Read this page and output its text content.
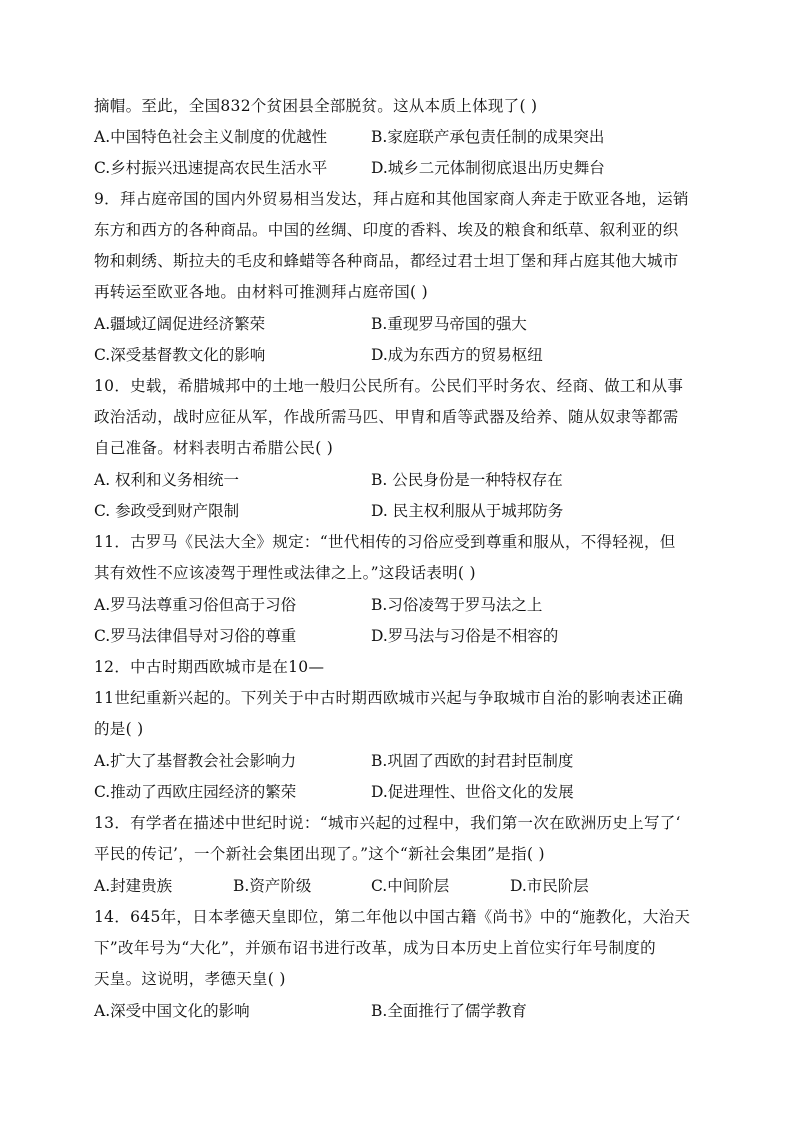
摘帽。至此，全国832个贫困县全部脱贫。这从本质上体现了( )
A.中国特色社会主义制度的优越性	B.家庭联产承包责任制的成果突出
C.乡村振兴迅速提高农民生活水平	D.城乡二元体制彻底退出历史舞台
9．拜占庭帝国的国内外贸易相当发达，拜占庭和其他国家商人奔走于欧亚各地，运销
东方和西方的各种商品。中国的丝绸、印度的香料、埃及的粮食和纸草、叙利亚的织
物和刺绣、斯拉夫的毛皮和蜂蜡等各种商品，都经过君士坦丁堡和拜占庭其他大城市
再转运至欧亚各地。由材料可推测拜占庭帝国( )
A.疆域辽阔促进经济繁荣	B.重现罗马帝国的强大
C.深受基督教文化的影响	D.成为东西方的贸易枢纽
10．史载，希腊城邦中的土地一般归公民所有。公民们平时务农、经商、做工和从事
政治活动，战时应征从军，作战所需马匹、甲胄和盾等武器及给养、随从奴隶等都需
自己准备。材料表明古希腊公民( )
A. 权利和义务相统一	B. 公民身份是一种特权存在
C. 参政受到财产限制	D. 民主权利服从于城邦防务
11．古罗马《民法大全》规定：“世代相传的习俗应受到尊重和服从，不得轻视，但
其有效性不应该凌驾于理性或法律之上。”这段话表明( )
A.罗马法尊重习俗但高于习俗	B.习俗凌驾于罗马法之上
C.罗马法律倡导对习俗的尊重	D.罗马法与习俗是不相容的
12．中古时期西欧城市是在10—
11世纪重新兴起的。下列关于中古时期西欧城市兴起与争取城市自治的影响表述正确
的是( )
A.扩大了基督教会社会影响力	B.巩固了西欧的封君封臣制度
C.推动了西欧庄园经济的繁荣	D.促进理性、世俗文化的发展
13．有学者在描述中世纪时说：“城市兴起的过程中，我们第一次在欧洲历史上写了‘
平民的传记’，一个新社会集团出现了。”这个“新社会集团”是指( )
A.封建贵族	B.资产阶级	C.中间阶层	D.市民阶层
14．645年，日本孝德天皇即位，第二年他以中国古籍《尚书》中的“施教化，大治天
下”改年号为“大化”，并颁布诏书进行改革，成为日本历史上首位实行年号制度的
天皇。这说明，孝德天皇( )
A.深受中国文化的影响	B.全面推行了儒学教育
